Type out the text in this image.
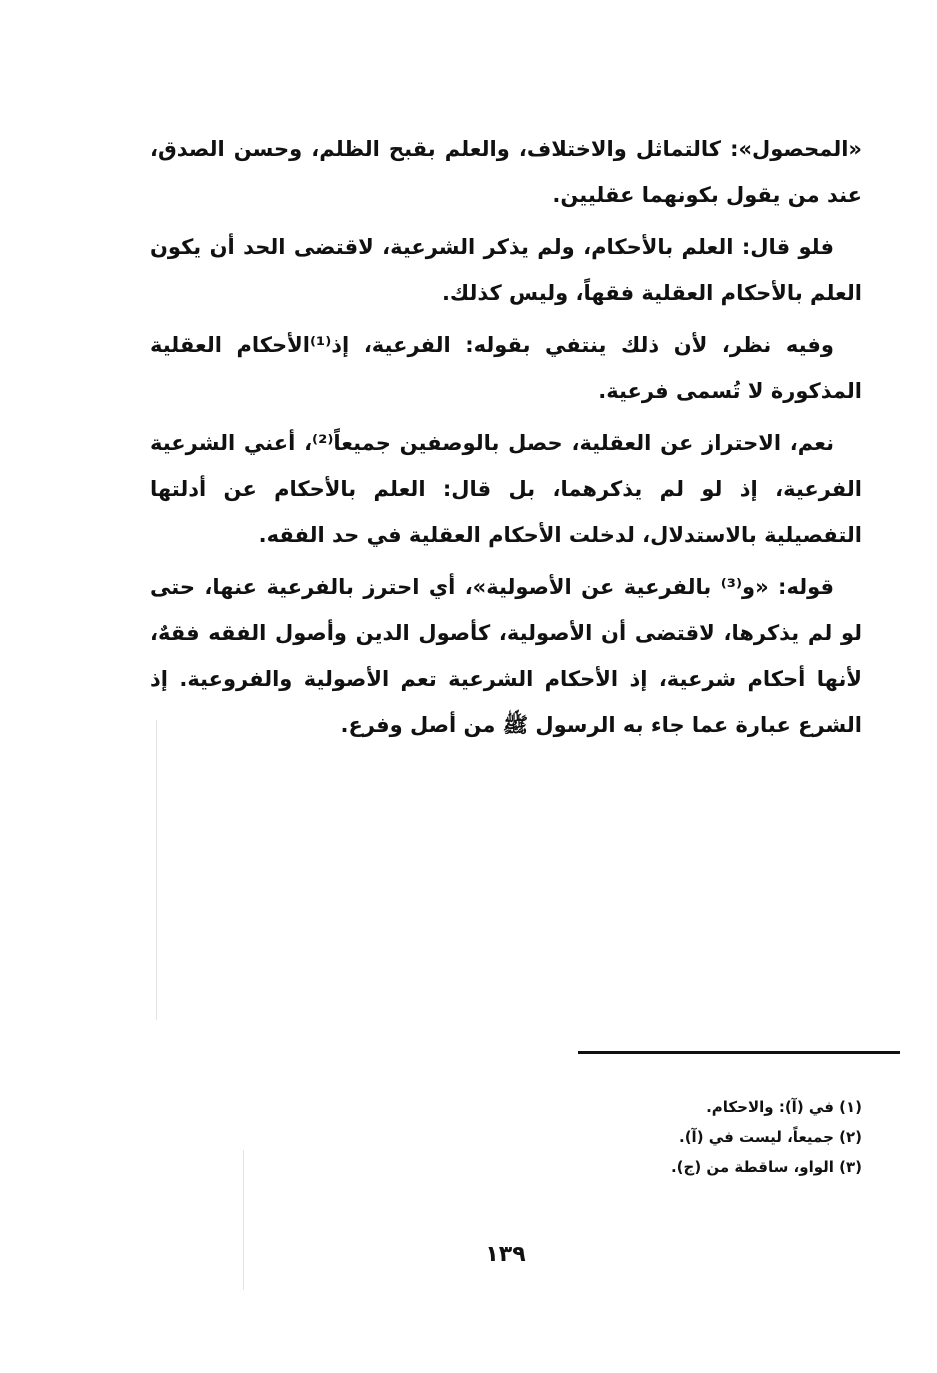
«المحصول»: كالتماثل والاختلاف، والعلم بقبح الظلم، وحسن الصدق، عند من يقول بكونهما عقليين.

فلو قال: العلم بالأحكام، ولم يذكر الشرعية، لاقتضى الحد أن يكون العلم بالأحكام العقلية فقهاً، وليس كذلك.

وفيه نظر، لأن ذلك ينتفي بقوله: الفرعية، إذ⁽¹⁾الأحكام العقلية المذكورة لا تُسمى فرعية.

نعم، الاحتراز عن العقلية، حصل بالوصفين جميعاً⁽²⁾، أعني الشرعية الفرعية، إذ لو لم يذكرهما، بل قال: العلم بالأحكام عن أدلتها التفصيلية بالاستدلال، لدخلت الأحكام العقلية في حد الفقه.

قوله: «و⁽³⁾ بالفرعية عن الأصولية»، أي احترز بالفرعية عنها، حتى لو لم يذكرها، لاقتضى أن الأصولية، كأصول الدين وأصول الفقه فقهٌ، لأنها أحكام شرعية، إذ الأحكام الشرعية تعم الأصولية والفروعية. إذ الشرع عبارة عما جاء به الرسول ﷺ من أصل وفرع.

(١) في (آ): والاحكام.
(٢) جميعاً، ليست في (آ).
(٣) الواو، ساقطة من (ج).
١٣٩
